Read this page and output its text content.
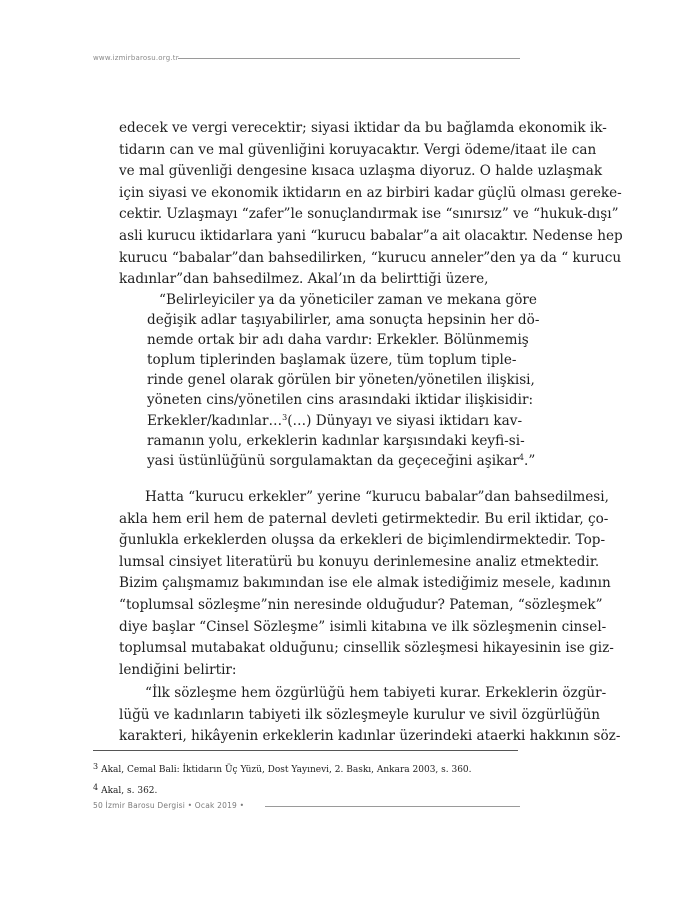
www.izmirbarosu.org.tr
edecek ve vergi verecektir; siyasi iktidar da bu bağlamda ekonomik ik-
tidarın can ve mal güvenliğini koruyacaktır. Vergi ödeme/itaat ile can
ve mal güvenliği dengesine kısaca uzlaşma diyoruz. O halde uzlaşmak
için siyasi ve ekonomik iktidarın en az birbiri kadar güçlü olması gereke-
cektir. Uzlaşmayı “zafer”le sonuçlandırmak ise “sınırsız” ve “hukuk-dışı”
asli kurucu iktidarlara yani “kurucu babalar”a ait olacaktır. Nedense hep
kurucu “babalar”dan bahsedilirken, “kurucu anneler”den ya da “ kurucu
kadınlar”dan bahsedilmez. Akal’ın da belirttiği üzere,
“Belirleyiciler ya da yöneticiler zaman ve mekana göre
değişik adlar taşıyabilirler, ama sonuçta hepsinin her dö-
nemde ortak bir adı daha vardır: Erkekler. Bölünmemiş
toplum tiplerinden başlamak üzere, tüm toplum tiple-
rinde genel olarak görülen bir yöneten/yönetilen ilişkisi,
yöneten cins/yönetilen cins arasındaki iktidar ilişkisidir:
Erkekler/kadınlar…$^3$(…) Dünyayı ve siyasi iktidarı kav-
ramanın yolu, erkeklerin kadınlar karşısındaki keyfi-si-
yasi üstünlüğünü sorgulamaktan da geçeceğini aşikar$^4$.”
Hatta “kurucu erkekler” yerine “kurucu babalar”dan bahsedilmesi,
akla hem eril hem de paternal devleti getirmektedir. Bu eril iktidar, ço-
ğunlukla erkeklerden oluşsa da erkekleri de biçimlendirmektedir. Top-
lumsal cinsiyet literatürü bu konuyu derinlemesine analiz etmektedir.
Bizim çalışmamız bakımından ise ele almak istediğimiz mesele, kadının
“toplumsal sözleşme”nin neresinde olduğudur? Pateman, “sözleşmek”
diye başlar “Cinsel Sözleşme” isimli kitabına ve ilk sözleşmenin cinsel-
toplumsal mutabakat olduğunu; cinsellik sözleşmesi hikayesinin ise giz-
lendiğini belirtir:
“İlk sözleşme hem özgürlüğü hem tabiyeti kurar. Erkeklerin özgür-
lüğü ve kadınların tabiyeti ilk sözleşmeyle kurulur ve sivil özgürlüğün
karakteri, hikâyenin erkeklerin kadınlar üzerindeki ataerki hakkının söz-
3 Akal, Cemal Bali: İktidarın Üç Yüzü, Dost Yayınevi, 2. Baskı, Ankara 2003, s. 360.
4 Akal, s. 362.
50 İzmir Barosu Dergisi • Ocak 2019 •
